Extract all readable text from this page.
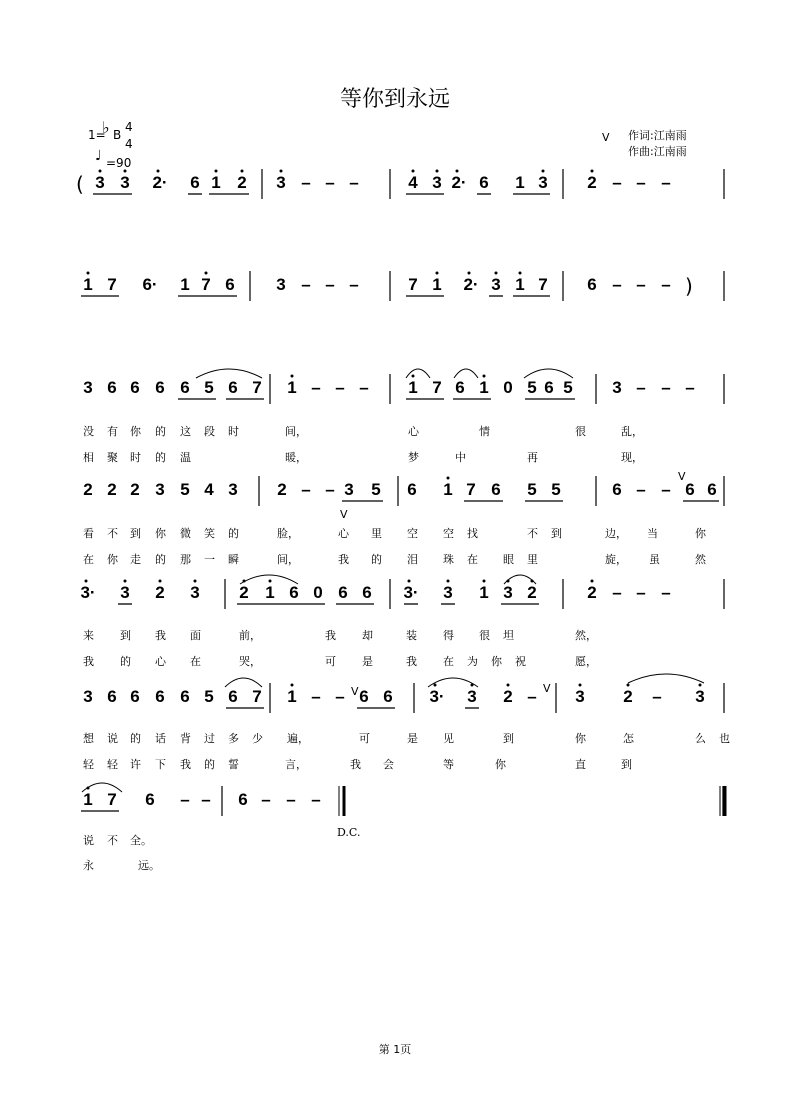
等你到永远
1=
♭ B
4
4
♩ =90
V 作词:江南雨
作曲:江南雨
3 3 2· 6 1 2 3 – – –	4 3 2· 6 1 3 2 – – –
1 7 6· 1 7 6 3 – – –	7 1 2· 3 1 7 6 – – –
3 6 6 6 6 5 6 7 1 – – – 1 7 6 1 0 5 6 5 3 – – –
2 2 2 3 5 4 3 2 – – 3 5 6 1 7 6 5 5	6 – – 6 6
3· 3 2 3 2 1 6 0 6 6 3· 3 1 3 2	2 – – –
3 6 6 6 6 5 6 7 1 – – 6 6 3· 3 2 – 3 2 – 3
1 7 6 – – 6 – – –
V
V
V	V
(
)
D.C.
没 有 你 的 这 段 时	间，	心	情	很	乱，
相 聚 时 的 温	暖，	梦	中	再	现，
看 不 到 你 微 笑 的	脸，	心 里 空 空 找	不 到	边， 当	你
在 你 走 的 那 一 瞬	间，	我 的 泪 珠 在 眼 里	旋， 虽	然
来 到 我 面	前，	我 却	装 得 很 坦	然，
我 的 心 在	哭，	可 是	我 在 为 你 祝	愿，
想 说 的 话 背 过 多 少 遍，	可	是 见	到	你	怎	么 也
轻 轻 许 下 我 的 誓	言，	我 会	等	你	直	到
说 不 全。
永	远。
第 1页
